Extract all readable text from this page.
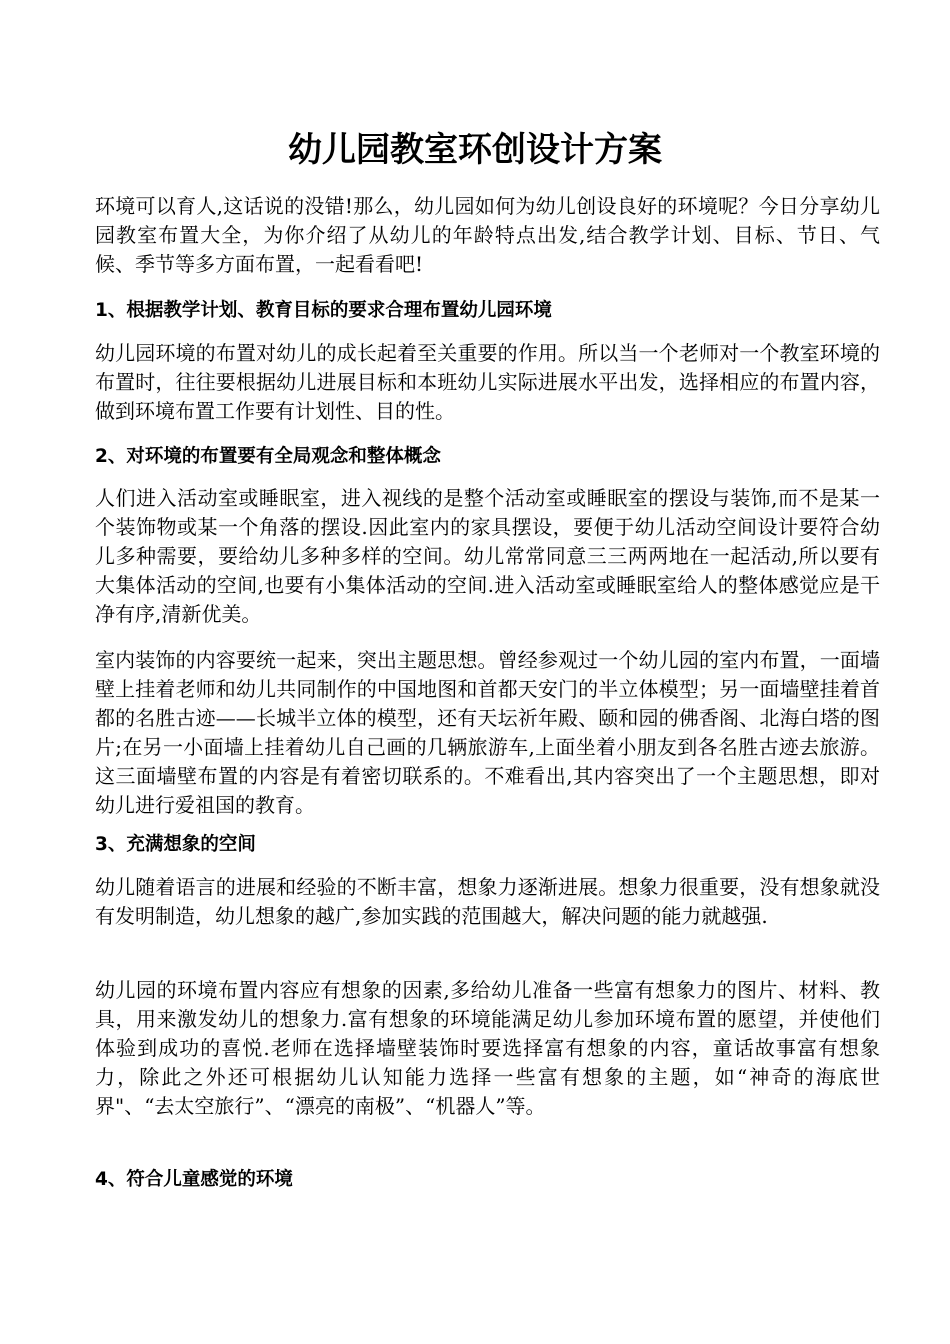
幼儿园教室环创设计方案

环境可以育人,这话说的没错!那么，幼儿园如何为幼儿创设良好的环境呢？今日分享幼儿园教室布置大全，为你介绍了从幼儿的年龄特点出发,结合教学计划、目标、节日、气候、季节等多方面布置，一起看看吧!

1、根据教学计划、教育目标的要求合理布置幼儿园环境

幼儿园环境的布置对幼儿的成长起着至关重要的作用。所以当一个老师对一个教室环境的布置时，往往要根据幼儿进展目标和本班幼儿实际进展水平出发，选择相应的布置内容，做到环境布置工作要有计划性、目的性。

2、对环境的布置要有全局观念和整体概念

人们进入活动室或睡眠室，进入视线的是整个活动室或睡眠室的摆设与装饰,而不是某一个装饰物或某一个角落的摆设.因此室内的家具摆设，要便于幼儿活动空间设计要符合幼儿多种需要，要给幼儿多种多样的空间。幼儿常常同意三三两两地在一起活动,所以要有大集体活动的空间,也要有小集体活动的空间.进入活动室或睡眠室给人的整体感觉应是干净有序,清新优美。

室内装饰的内容要统一起来，突出主题思想。曾经参观过一个幼儿园的室内布置，一面墙壁上挂着老师和幼儿共同制作的中国地图和首都天安门的半立体模型；另一面墙壁挂着首都的名胜古迹——长城半立体的模型，还有天坛祈年殿、颐和园的佛香阁、北海白塔的图片;在另一小面墙上挂着幼儿自己画的几辆旅游车,上面坐着小朋友到各名胜古迹去旅游。这三面墙壁布置的内容是有着密切联系的。不难看出,其内容突出了一个主题思想，即对幼儿进行爱祖国的教育。

3、充满想象的空间

幼儿随着语言的进展和经验的不断丰富，想象力逐渐进展。想象力很重要，没有想象就没有发明制造，幼儿想象的越广,参加实践的范围越大，解决问题的能力就越强.

幼儿园的环境布置内容应有想象的因素,多给幼儿准备一些富有想象力的图片、材料、教具，用来激发幼儿的想象力.富有想象的环境能满足幼儿参加环境布置的愿望，并使他们体验到成功的喜悦.老师在选择墙壁装饰时要选择富有想象的内容，童话故事富有想象力，除此之外还可根据幼儿认知能力选择一些富有想象的主题，如“神奇的海底世界"、“去太空旅行”、“漂亮的南极”、“机器人”等。

4、符合儿童感觉的环境
